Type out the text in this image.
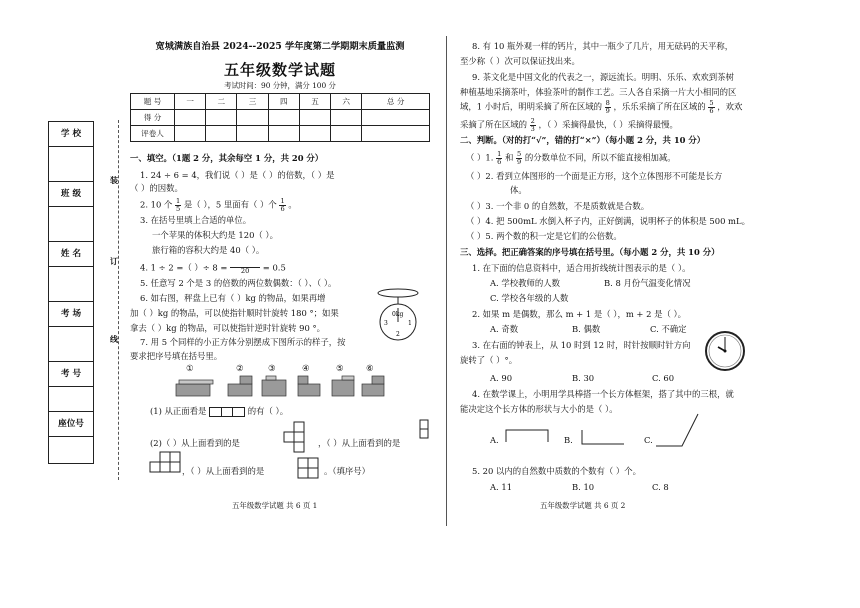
学 校

班 级

姓 名

考 场

考 号

座位号

装
订
线
宽城满族自治县 2024--2025 学年度第二学期期末质量监测
五年级数学试题
考试时间：90 分钟，满分 100 分
题 号	一	二	三	四	五	六	总 分
得 分							
评卷人							
一、填空。（1题 2 分，其余每空 1 分，共 20 分）
1. 24 ÷ 6 = 4，我们说（ ）是（ ）的倍数，（ ）是
（ ）的因数。
2. 10 个 $\frac{1}{5}$ 是（ ），5 里面有（ ）个 $\frac{1}{6}$ 。
3. 在括号里填上合适的单位。
一个苹果的体积大约是 120（ ）。
旅行箱的容积大约是 40（ ）。
4. 1 ÷ 2 =（ ）÷ 8 =	20	= 0.5
5. 任意写 2 个是 3 的倍数的两位数偶数：（ ）、（ ）。
6. 如右图，秤盘上已有（ ）kg 的物品，如果再增
加（ ）kg 的物品，可以使指针顺时针旋转 180 °；如果
拿去（ ）kg 的物品，可以使指针逆时针旋转 90 °。
0kg
3	1
2
7. 用 5 个同样的小正方体分别摆成下图所示的样子，按
要求把序号填在括号里。
①	②	③	④	⑤	⑥
(1) 从正面看是	的有（ ）。
(2)（ ）从上面看到的是	，（ ）从上面看到的是
，（ ）从上面看到的是	。（填序号）
五年级数学试题 共 6 页 1
8. 有 10 瓶外观一样的钙片，其中一瓶少了几片，用无砝码的天平称，
至少称（ ）次可以保证找出来。
9. 茶文化是中国文化的代表之一，源远流长。明明、乐乐、欢欢到茶树
种植基地采摘茶叶，体验茶叶的制作工艺。三人各自采摘一片大小相同的区
域，1 小时后，明明采摘了所在区域的 $\frac{8}{9}$ ，乐乐采摘了所在区域的 $\frac{5}{6}$ ，欢欢
采摘了所在区域的 $\frac{2}{3}$ ，（ ）采摘得最快，（ ）采摘得最慢。
二、判断。（对的打“√”，错的打“×”）（每小题 2 分，共 10 分）
（ ）1. $\frac{1}{6}$ 和 $\frac{5}{9}$ 的分数单位不同，所以不能直接相加减。
（ ）2. 看到立体图形的一个面是正方形，这个立体图形不可能是长方
体。
（ ）3. 一个非 0 的自然数，不是质数就是合数。
（ ）4. 把 500mL 水倒入杯子内，正好倒满，说明杯子的体积是 500 mL。
（ ）5. 两个数的积一定是它们的公倍数。
三、选择。把正确答案的序号填在括号里。（每小题 2 分，共 10 分）
1. 在下面的信息资料中，适合用折线统计图表示的是（ ）。
A. 学校教师的人数	B. 8 月份气温变化情况
C. 学校各年级的人数
2. 如果 m 是偶数，那么 m + 1 是（ ），m + 2 是（ ）。
A. 奇数	B. 偶数	C. 不确定
3. 在右面的钟表上，从 10 时到 12 时，时针按顺时针方向
旋转了（ ）°。
A. 90	B. 30	C. 60
4. 在数学课上，小明用学具棒搭一个长方体框架，搭了其中的三根，就
能决定这个长方体的形状与大小的是（ ）。
A.	B.	C.
5. 20 以内的自然数中质数的个数有（ ）个。
A. 11	B. 10	C. 8
五年级数学试题 共 6 页 2
